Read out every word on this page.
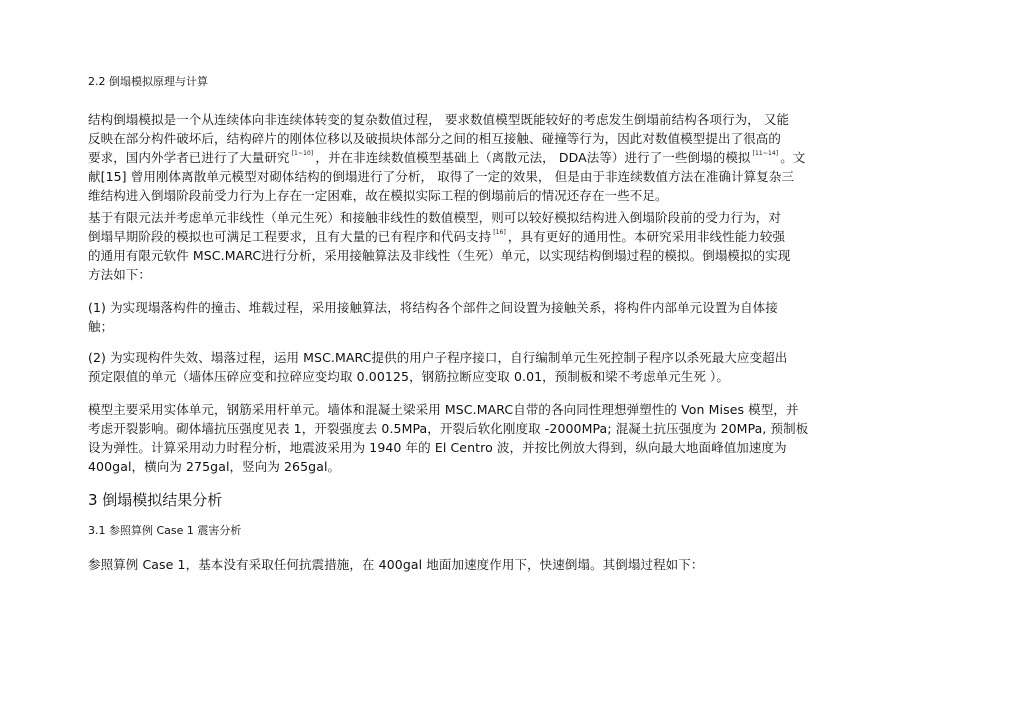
2.2 倒塌模拟原理与计算

结构倒塌模拟是一个从连续体向非连续体转变的复杂数值过程， 要求数值模型既能较好的考虑发生倒塌前结构各项行为， 又能
反映在部分构件破坏后，结构碎片的刚体位移以及破损块体部分之间的相互接触、碰撞等行为，因此对数值模型提出了很高的
要求，国内外学者已进行了大量研究 [1~10] ，并在非连续数值模型基础上（离散元法， DDA法等）进行了一些倒塌的模拟 [11~14] 。文
献[15] 曾用刚体离散单元模型对砌体结构的倒塌进行了分析， 取得了一定的效果， 但是由于非连续数值方法在准确计算复杂三
维结构进入倒塌阶段前受力行为上存在一定困难，故在模拟实际工程的倒塌前后的情况还存在一些不足。

基于有限元法并考虑单元非线性（单元生死）和接触非线性的数值模型，则可以较好模拟结构进入倒塌阶段前的受力行为，对
倒塌早期阶段的模拟也可满足工程要求，且有大量的已有程序和代码支持 [16] ，具有更好的通用性。本研究采用非线性能力较强
的通用有限元软件 MSC.MARC进行分析，采用接触算法及非线性（生死）单元，以实现结构倒塌过程的模拟。倒塌模拟的实现
方法如下：

(1) 为实现塌落构件的撞击、堆载过程，采用接触算法，将结构各个部件之间设置为接触关系，将构件内部单元设置为自体接
触；

(2) 为实现构件失效、塌落过程，运用 MSC.MARC提供的用户子程序接口，自行编制单元生死控制子程序以杀死最大应变超出
预定限值的单元（墙体压碎应变和拉碎应变均取 0.00125，钢筋拉断应变取 0.01，预制板和梁不考虑单元生死 ）。

模型主要采用实体单元，钢筋采用杆单元。墙体和混凝土梁采用 MSC.MARC自带的各向同性理想弹塑性的 Von Mises 模型，并
考虑开裂影响。砌体墙抗压强度见表 1，开裂强度去 0.5MPa，开裂后软化刚度取 -2000MPa; 混凝土抗压强度为 20MPa, 预制板
设为弹性。计算采用动力时程分析，地震波采用为 1940 年的 El Centro 波，并按比例放大得到，纵向最大地面峰值加速度为
400gal，横向为 275gal，竖向为 265gal。

3 倒塌模拟结果分析

3.1 参照算例 Case 1 震害分析

参照算例 Case 1，基本没有采取任何抗震措施，在 400gal 地面加速度作用下，快速倒塌。其倒塌过程如下：
